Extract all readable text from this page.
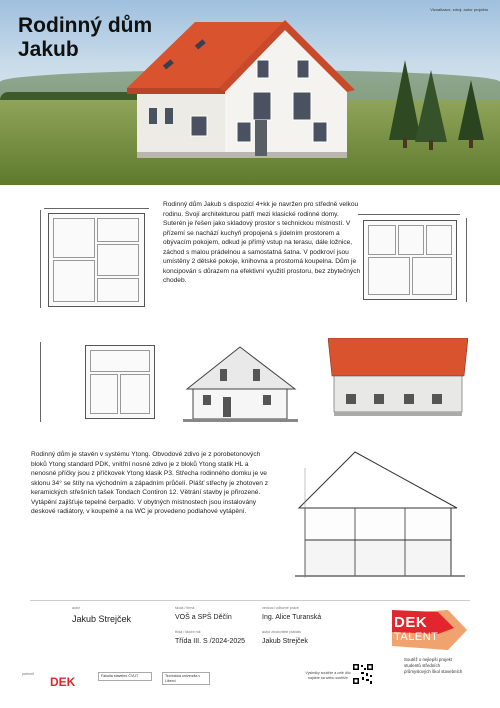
Rodinný dům
Jakub
Vizualizace, zdroj: autor projektu
Rodinný dům Jakub s dispozicí 4+kk je navržen pro středně velkou rodinu. Svojí architekturou patří mezi klasické rodinné domy. Suterén je řešen jako skladový prostor s technickou místností. V přízemí se nachází kuchyň propojená s jídelním prostorem a obývacím pokojem, odkud je přímý vstup na terasu, dále ložnice, záchod s malou prádelnou a samostatná šatna. V podkroví jsou umístěny 2 dětské pokoje, knihovna a prostorná koupelna. Dům je koncipován s důrazem na efektivní využití prostoru, bez zbytečných chodeb.
Rodinný dům je stavěn v systému Ytong. Obvodové zdivo je z porobetonových bloků Ytong standard PDK, vnitřní nosné zdivo je z bloků Ytong statik HL a nenosné příčky jsou z příčkovek Ytong klasik P3. Střecha rodinného domku je ve sklonu 34° se štíty na východním a západním průčelí. Plášť střechy je zhotoven z keramických střešních tašek Tondach Contiron 12. Větrání stavby je přirozené. Vytápění zajišťuje tepelné čerpadlo. V obytných místnostech jsou instalovány deskové radiátory, v koupelně a na WC je provedeno podlahové vytápění.
autor
Jakub Strejček
škola / firma
VOŠ a SPŠ Děčín
třída / školní rok
Třída III. S /2024-2025
vedoucí odborné práce
Ing. Alice Turanská
autor zhotovitele plakátu
Jakub Strejček
DEK
TALENT
Soutěž o nejlepší projekt studentů středních průmyslových škol stavebních
partneři
DEK	Fakulta stavební ČVUT	Technická univerzita v Liberci
Výsledky soutěže a celé dílo najdete na webu soutěže
